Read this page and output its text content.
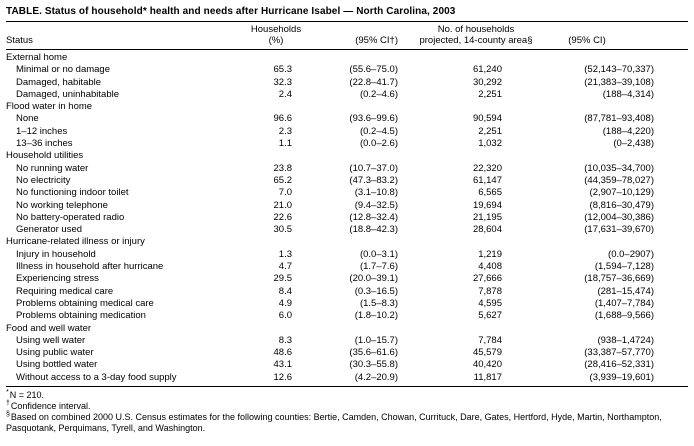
TABLE. Status of household* health and needs after Hurricane Isabel — North Carolina, 2003
	Households		No. of households	
Status	(%)	(95% CI†)	projected, 14-county area§	(95% CI)
External home				
Minimal or no damage	65.3	(55.6–75.0)	61,240	(52,143–70,337)
Damaged, habitable	32.3	(22.8–41.7)	30,292	(21,383–39,108)
Damaged, uninhabitable	2.4	(0.2–4.6)	2,251	(188–4,314)
Flood water in home				
None	96.6	(93.6–99.6)	90,594	(87,781–93,408)
1–12 inches	2.3	(0.2–4.5)	2,251	(188–4,220)
13–36 inches	1.1	(0.0–2.6)	1,032	(0–2,438)
Household utilities				
No running water	23.8	(10.7–37.0)	22,320	(10,035–34,700)
No electricity	65.2	(47.3–83.2)	61,147	(44,359–78,027)
No functioning indoor toilet	7.0	(3.1–10.8)	6,565	(2,907–10,129)
No working telephone	21.0	(9.4–32.5)	19,694	(8,816–30,479)
No battery-operated radio	22.6	(12.8–32.4)	21,195	(12,004–30,386)
Generator used	30.5	(18.8–42.3)	28,604	(17,631–39,670)
Hurricane-related illness or injury				
Injury in household	1.3	(0.0–3.1)	1,219	(0.0–2907)
Illness in household after hurricane	4.7	(1.7–7.6)	4,408	(1,594–7,128)
Experiencing stress	29.5	(20.0–39.1)	27,666	(18,757–36,669)
Requiring medical care	8.4	(0.3–16.5)	7,878	(281–15,474)
Problems obtaining medical care	4.9	(1.5–8.3)	4,595	(1,407–7,784)
Problems obtaining medication	6.0	(1.8–10.2)	5,627	(1,688–9,566)
Food and well water				
Using well water	8.3	(1.0–15.7)	7,784	(938–1,4724)
Using public water	48.6	(35.6–61.6)	45,579	(33,387–57,770)
Using bottled water	43.1	(30.3–55.8)	40,420	(28,416–52,331)
Without access to a 3-day food supply	12.6	(4.2–20.9)	11,817	(3,939–19,601)
*N = 210.
†Confidence interval.
§Based on combined 2000 U.S. Census estimates for the following counties: Bertie, Camden, Chowan, Currituck, Dare, Gates, Hertford, Hyde, Martin, Northampton, Pasquotank, Perquimans, Tyrell, and Washington.
